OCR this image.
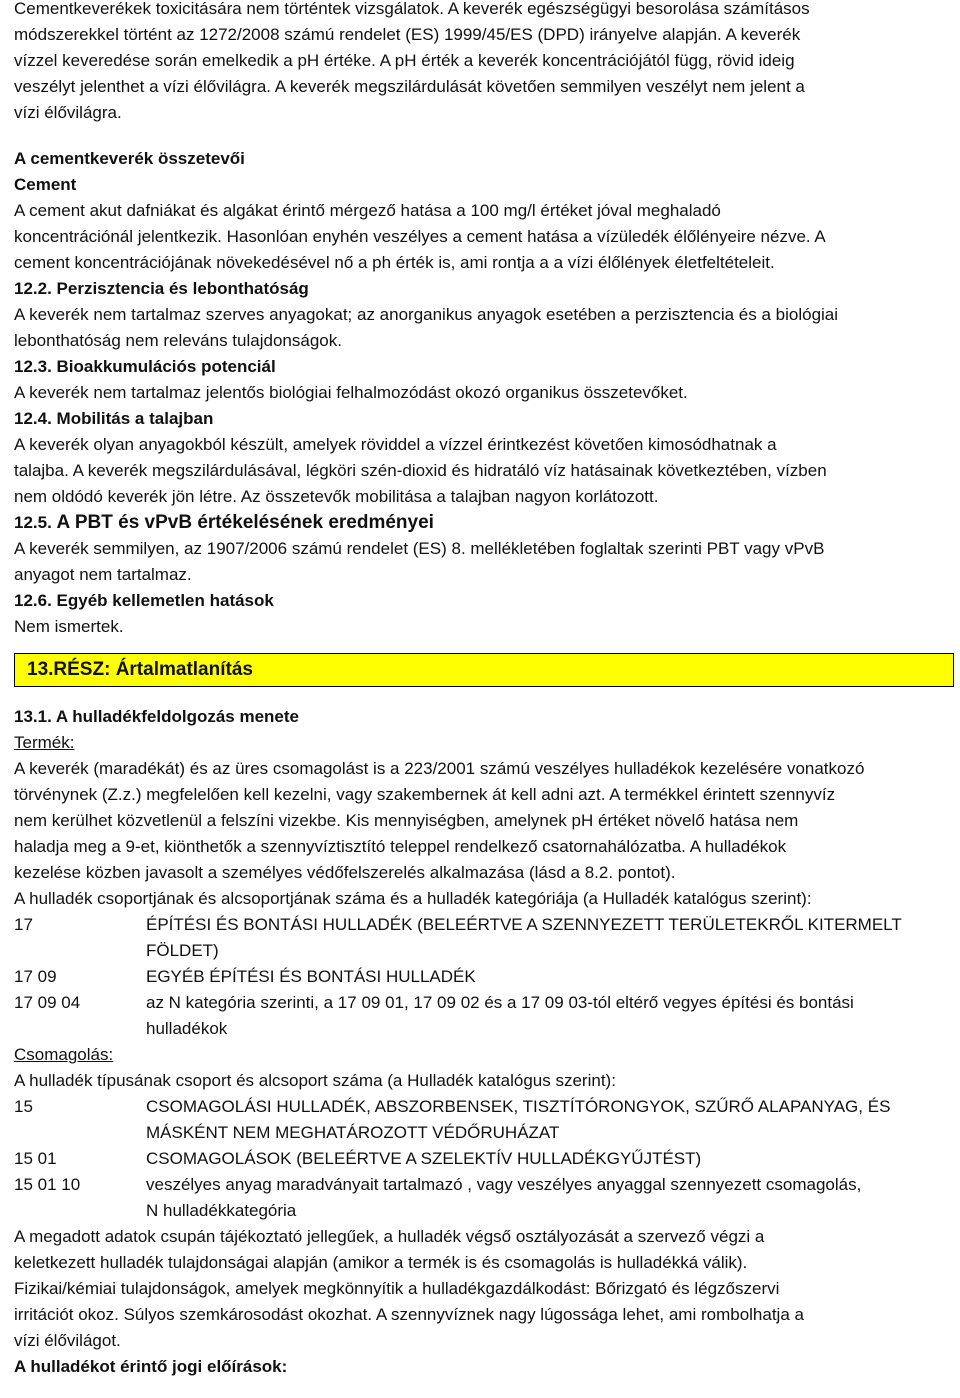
Cementkeverékek toxicitására nem történtek vizsgálatok. A keverék egészségügyi besorolása számításos

módszerekkel történt az 1272/2008 számú rendelet (ES) 1999/45/ES (DPD) irányelve alapján. A keverék

vízzel keveredése során emelkedik a pH értéke. A pH érték a keverék koncentrációjától függ, rövid ideig

veszélyt jelenthet a vízi élővilágra. A keverék megszilárdulását követően semmilyen veszélyt nem jelent a

vízi élővilágra.

A cementkeverék összetevői

Cement

A cement akut dafniákat és algákat érintő mérgező hatása a 100 mg/l értéket jóval meghaladó

koncentrációnál jelentkezik. Hasonlóan enyhén veszélyes a cement hatása a vízüledék élőlényeire nézve. A

cement koncentrációjának növekedésével nő a ph érték is, ami rontja a a vízi élőlények életfeltételeit.

12.2. Perzisztencia és lebonthatóság

A keverék nem tartalmaz szerves anyagokat; az anorganikus anyagok esetében a perzisztencia és a biológiai

lebonthatóság nem releváns tulajdonságok.

12.3. Bioakkumulációs potenciál

A keverék nem tartalmaz jelentős biológiai felhalmozódást okozó organikus összetevőket.

12.4. Mobilitás a talajban

A keverék olyan anyagokból készült, amelyek röviddel a vízzel érintkezést követően kimosódhatnak a

talajba. A keverék megszilárdulásával, légköri szén-dioxid és hidratáló víz hatásainak következtében, vízben

nem oldódó keverék jön létre. Az összetevők mobilitása a talajban nagyon korlátozott.

12.5. A PBT és vPvB értékelésének eredményei

A keverék semmilyen, az 1907/2006 számú rendelet (ES) 8. mellékletében foglaltak szerinti PBT vagy vPvB

anyagot nem tartalmaz.

12.6. Egyéb kellemetlen hatások

Nem ismertek.

13.RÉSZ: Ártalmatlanítás

13.1. A hulladékfeldolgozás menete

Termék:

A keverék (maradékát) és az üres csomagolást is a 223/2001 számú veszélyes hulladékok kezelésére vonatkozó

törvénynek (Z.z.) megfelelően kell kezelni, vagy szakembernek át kell adni azt. A termékkel érintett szennyvíz

nem kerülhet közvetlenül a felszíni vizekbe. Kis mennyiségben, amelynek pH értéket növelő hatása nem

haladja meg a 9-et, kiönthetők a szennyvíztisztító teleppel rendelkező csatornahálózatba. A hulladékok

kezelése közben javasolt a személyes védőfelszerelés alkalmazása (lásd a 8.2. pontot).

A hulladék csoportjának és alcsoportjának száma és a hulladék kategóriája (a Hulladék katalógus szerint):

17	ÉPÍTÉSI ÉS BONTÁSI HULLADÉK (BELEÉRTVE A SZENNYEZETT TERÜLETEKRŐL KITERMELT

FÖLDET)

17 09	EGYÉB ÉPÍTÉSI ÉS BONTÁSI HULLADÉK

17 09 04	az N kategória szerinti, a 17 09 01, 17 09 02 és a 17 09 03-tól eltérő vegyes építési és bontási

hulladékok

Csomagolás:

A hulladék típusának csoport és alcsoport száma (a Hulladék katalógus szerint):

15	CSOMAGOLÁSI HULLADÉK, ABSZORBENSEK, TISZTÍTÓRONGYOK, SZŰRŐ ALAPANYAG, ÉS

MÁSKÉNT NEM MEGHATÁROZOTT VÉDŐRUHÁZAT

15 01	CSOMAGOLÁSOK (BELEÉRTVE A SZELEKTÍV HULLADÉKGYŰJTÉST)

15 01 10	veszélyes anyag maradványait tartalmazó , vagy veszélyes anyaggal szennyezett csomagolás,

N hulladékkategória

A megadott adatok csupán tájékoztató jellegűek, a hulladék végső osztályozását a szervező végzi a

keletkezett hulladék tulajdonságai alapján (amikor a termék is és csomagolás is hulladékká válik).

Fizikai/kémiai tulajdonságok, amelyek megkönnyítik a hulladékgazdálkodást: Bőrizgató és légzőszervi

irritációt okoz. Súlyos szemkárosodást okozhat. A szennyvíznek nagy lúgossága lehet, ami rombolhatja a

vízi élővilágot.

A hulladékot érintő jogi előírások:
